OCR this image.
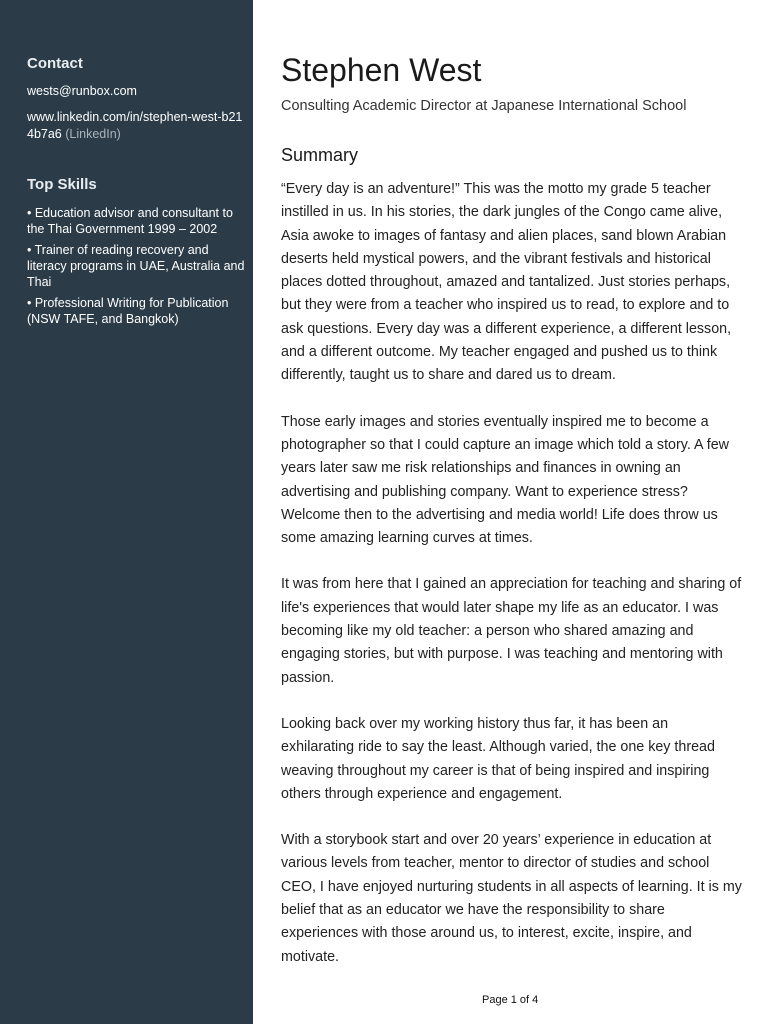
Contact

wests@runbox.com

www.linkedin.com/in/stephen-west-b214b7a6 (LinkedIn)

Top Skills

• Education advisor and consultant to the Thai Government 1999 – 2002

• Trainer of reading recovery and literacy programs in UAE, Australia and Thai

• Professional Writing for Publication (NSW TAFE, and Bangkok)

Stephen West

Consulting Academic Director at Japanese International School

Summary

“Every day is an adventure!” This was the motto my grade 5 teacher instilled in us. In his stories, the dark jungles of the Congo came alive, Asia awoke to images of fantasy and alien places, sand blown Arabian deserts held mystical powers, and the vibrant festivals and historical places dotted throughout, amazed and tantalized. Just stories perhaps, but they were from a teacher who inspired us to read, to explore and to ask questions. Every day was a different experience, a different lesson, and a different outcome. My teacher engaged and pushed us to think differently, taught us to share and dared us to dream.

Those early images and stories eventually inspired me to become a photographer so that I could capture an image which told a story. A few years later saw me risk relationships and finances in owning an advertising and publishing company. Want to experience stress? Welcome then to the advertising and media world! Life does throw us some amazing learning curves at times.

It was from here that I gained an appreciation for teaching and sharing of life's experiences that would later shape my life as an educator. I was becoming like my old teacher: a person who shared amazing and engaging stories, but with purpose. I was teaching and mentoring with passion.

Looking back over my working history thus far, it has been an exhilarating ride to say the least. Although varied, the one key thread weaving throughout my career is that of being inspired and inspiring others through experience and engagement.

With a storybook start and over 20 years’ experience in education at various levels from teacher, mentor to director of studies and school CEO, I have enjoyed nurturing students in all aspects of learning. It is my belief that as an educator we have the responsibility to share experiences with those around us, to interest, excite, inspire, and motivate.

Page 1 of 4
